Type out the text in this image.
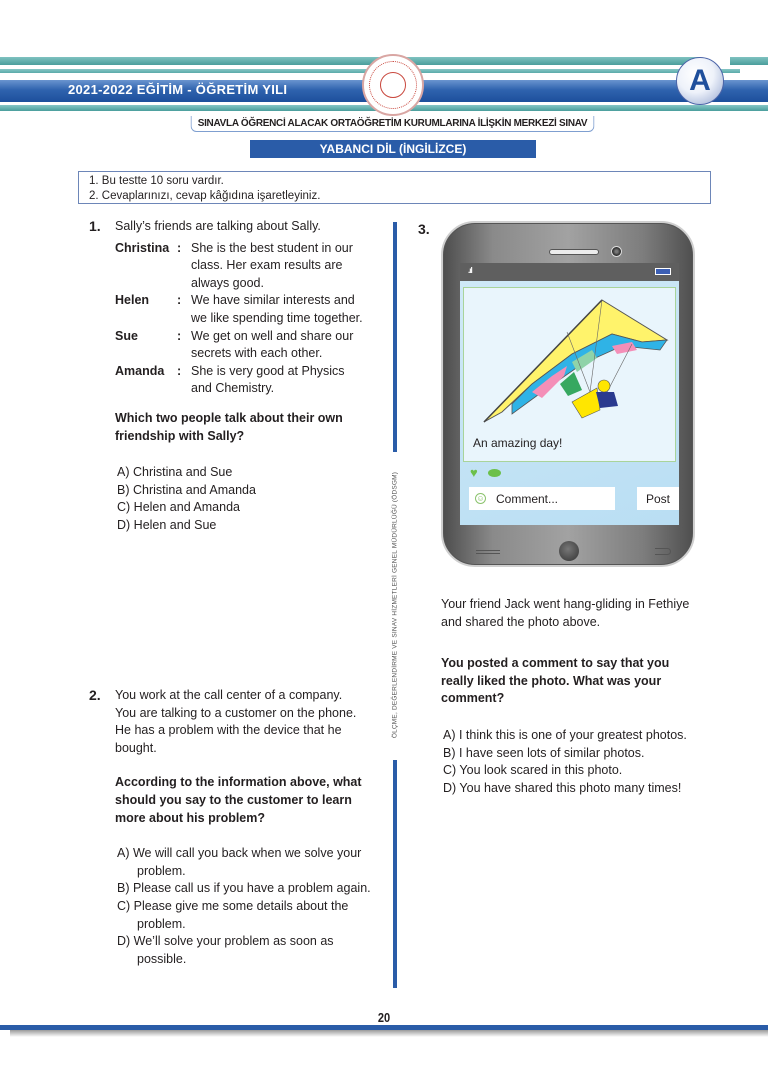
2021-2022 EĞİTİM - ÖĞRETİM YILI	A
SINAVLA ÖĞRENCİ ALACAK ORTAÖĞRETİM KURUMLARINA İLİŞKİN MERKEZİ SINAV
YABANCI DİL (İNGİLİZCE)
1. Bu testte 10 soru vardır.
2. Cevaplarınızı, cevap kâğıdına işaretleyiniz.
1. Sally’s friends are talking about Sally.
Christina : She is the best student in our
class. Her exam results are
always good.
Helen	: We have similar interests and
we like spending time together.
Sue	: We get on well and share our
secrets with each other.
Amanda	: She is very good at Physics
and Chemistry.
Which two people talk about their own
friendship with Sally?
A) Christina and Sue
B) Christina and Amanda
C) Helen and Amanda
D) Helen and Sue	ÖLÇME, DEĞERLENDİRME VE SINAV HİZMETLERİ GENEL MÜDÜRLÜĞÜ (ÖDSGM)
2. You work at the call center of a company.
You are talking to a customer on the phone.
He has a problem with the device that he
bought.
According to the information above, what
should you say to the customer to learn
more about his problem?
A) We will call you back when we solve your problem.
B) Please call us if you have a problem again.
C) Please give me some details about the problem.
D) We’ll solve your problem as soon as possible.
3.
.ıl
An amazing day!
♥
☺ Comment...	Post
Your friend Jack went hang-gliding in Fethiye
and shared the photo above.
You posted a comment to say that you
really liked the photo. What was your
comment?
A) I think this is one of your greatest photos.
B) I have seen lots of similar photos.
C) You look scared in this photo.
D) You have shared this photo many times!
20
